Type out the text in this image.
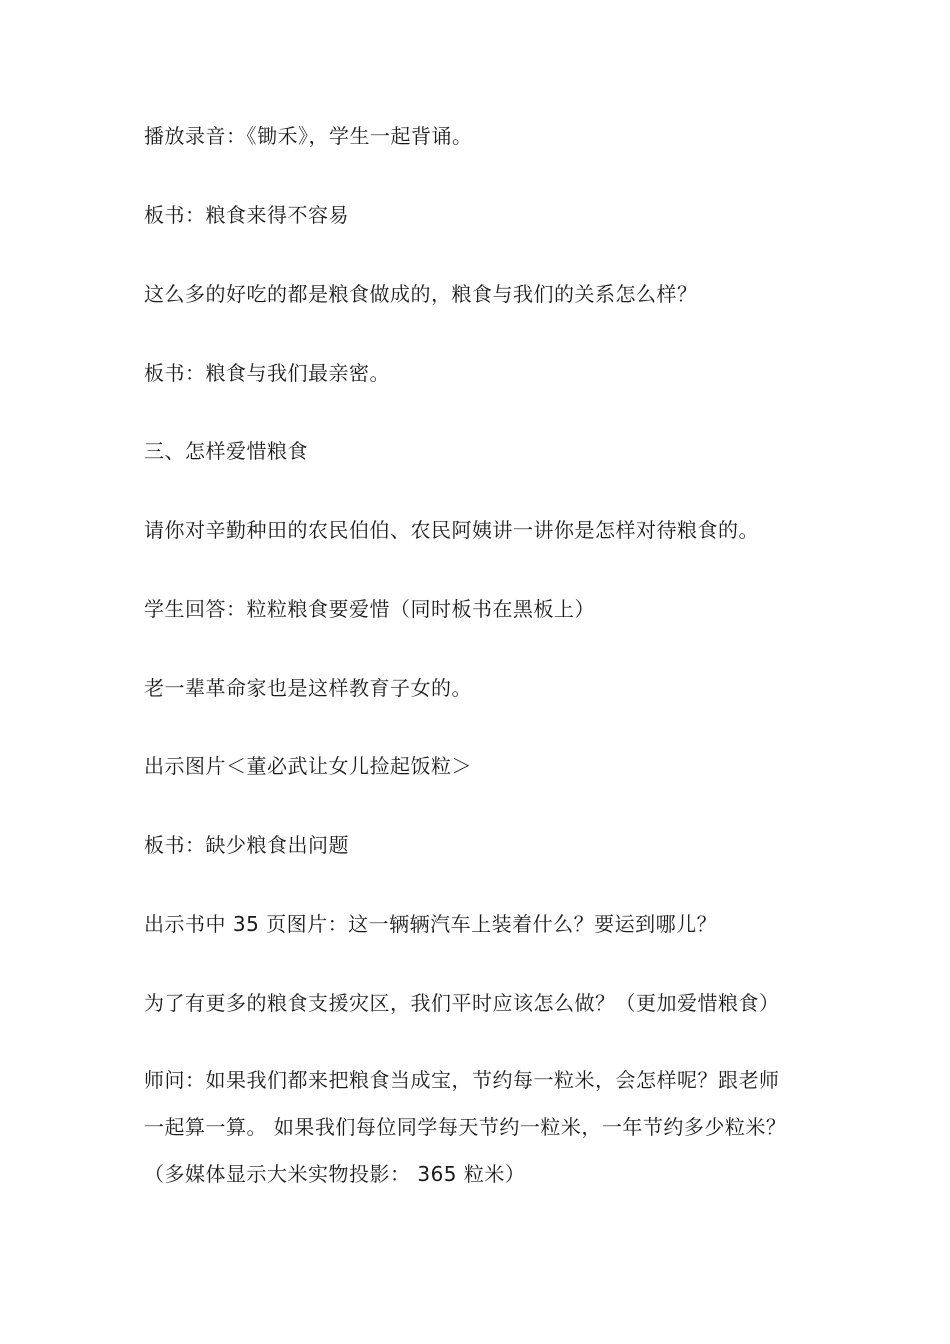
播放录音：《锄禾》，学生一起背诵。
板书：粮食来得不容易
这么多的好吃的都是粮食做成的，粮食与我们的关系怎么样？
板书：粮食与我们最亲密。
三、怎样爱惜粮食
请你对辛勤种田的农民伯伯、农民阿姨讲一讲你是怎样对待粮食的。
学生回答：粒粒粮食要爱惜（同时板书在黑板上）
老一辈革命家也是这样教育子女的。
出示图片＜董必武让女儿捡起饭粒＞
板书：缺少粮食出问题
出示书中 35 页图片：这一辆辆汽车上装着什么？要运到哪儿？
为了有更多的粮食支援灾区，我们平时应该怎么做？（更加爱惜粮食）
师问：如果我们都来把粮食当成宝，节约每一粒米，会怎样呢？跟老师
一起算一算。 如果我们每位同学每天节约一粒米，一年节约多少粒米？
（多媒体显示大米实物投影： 365 粒米）
